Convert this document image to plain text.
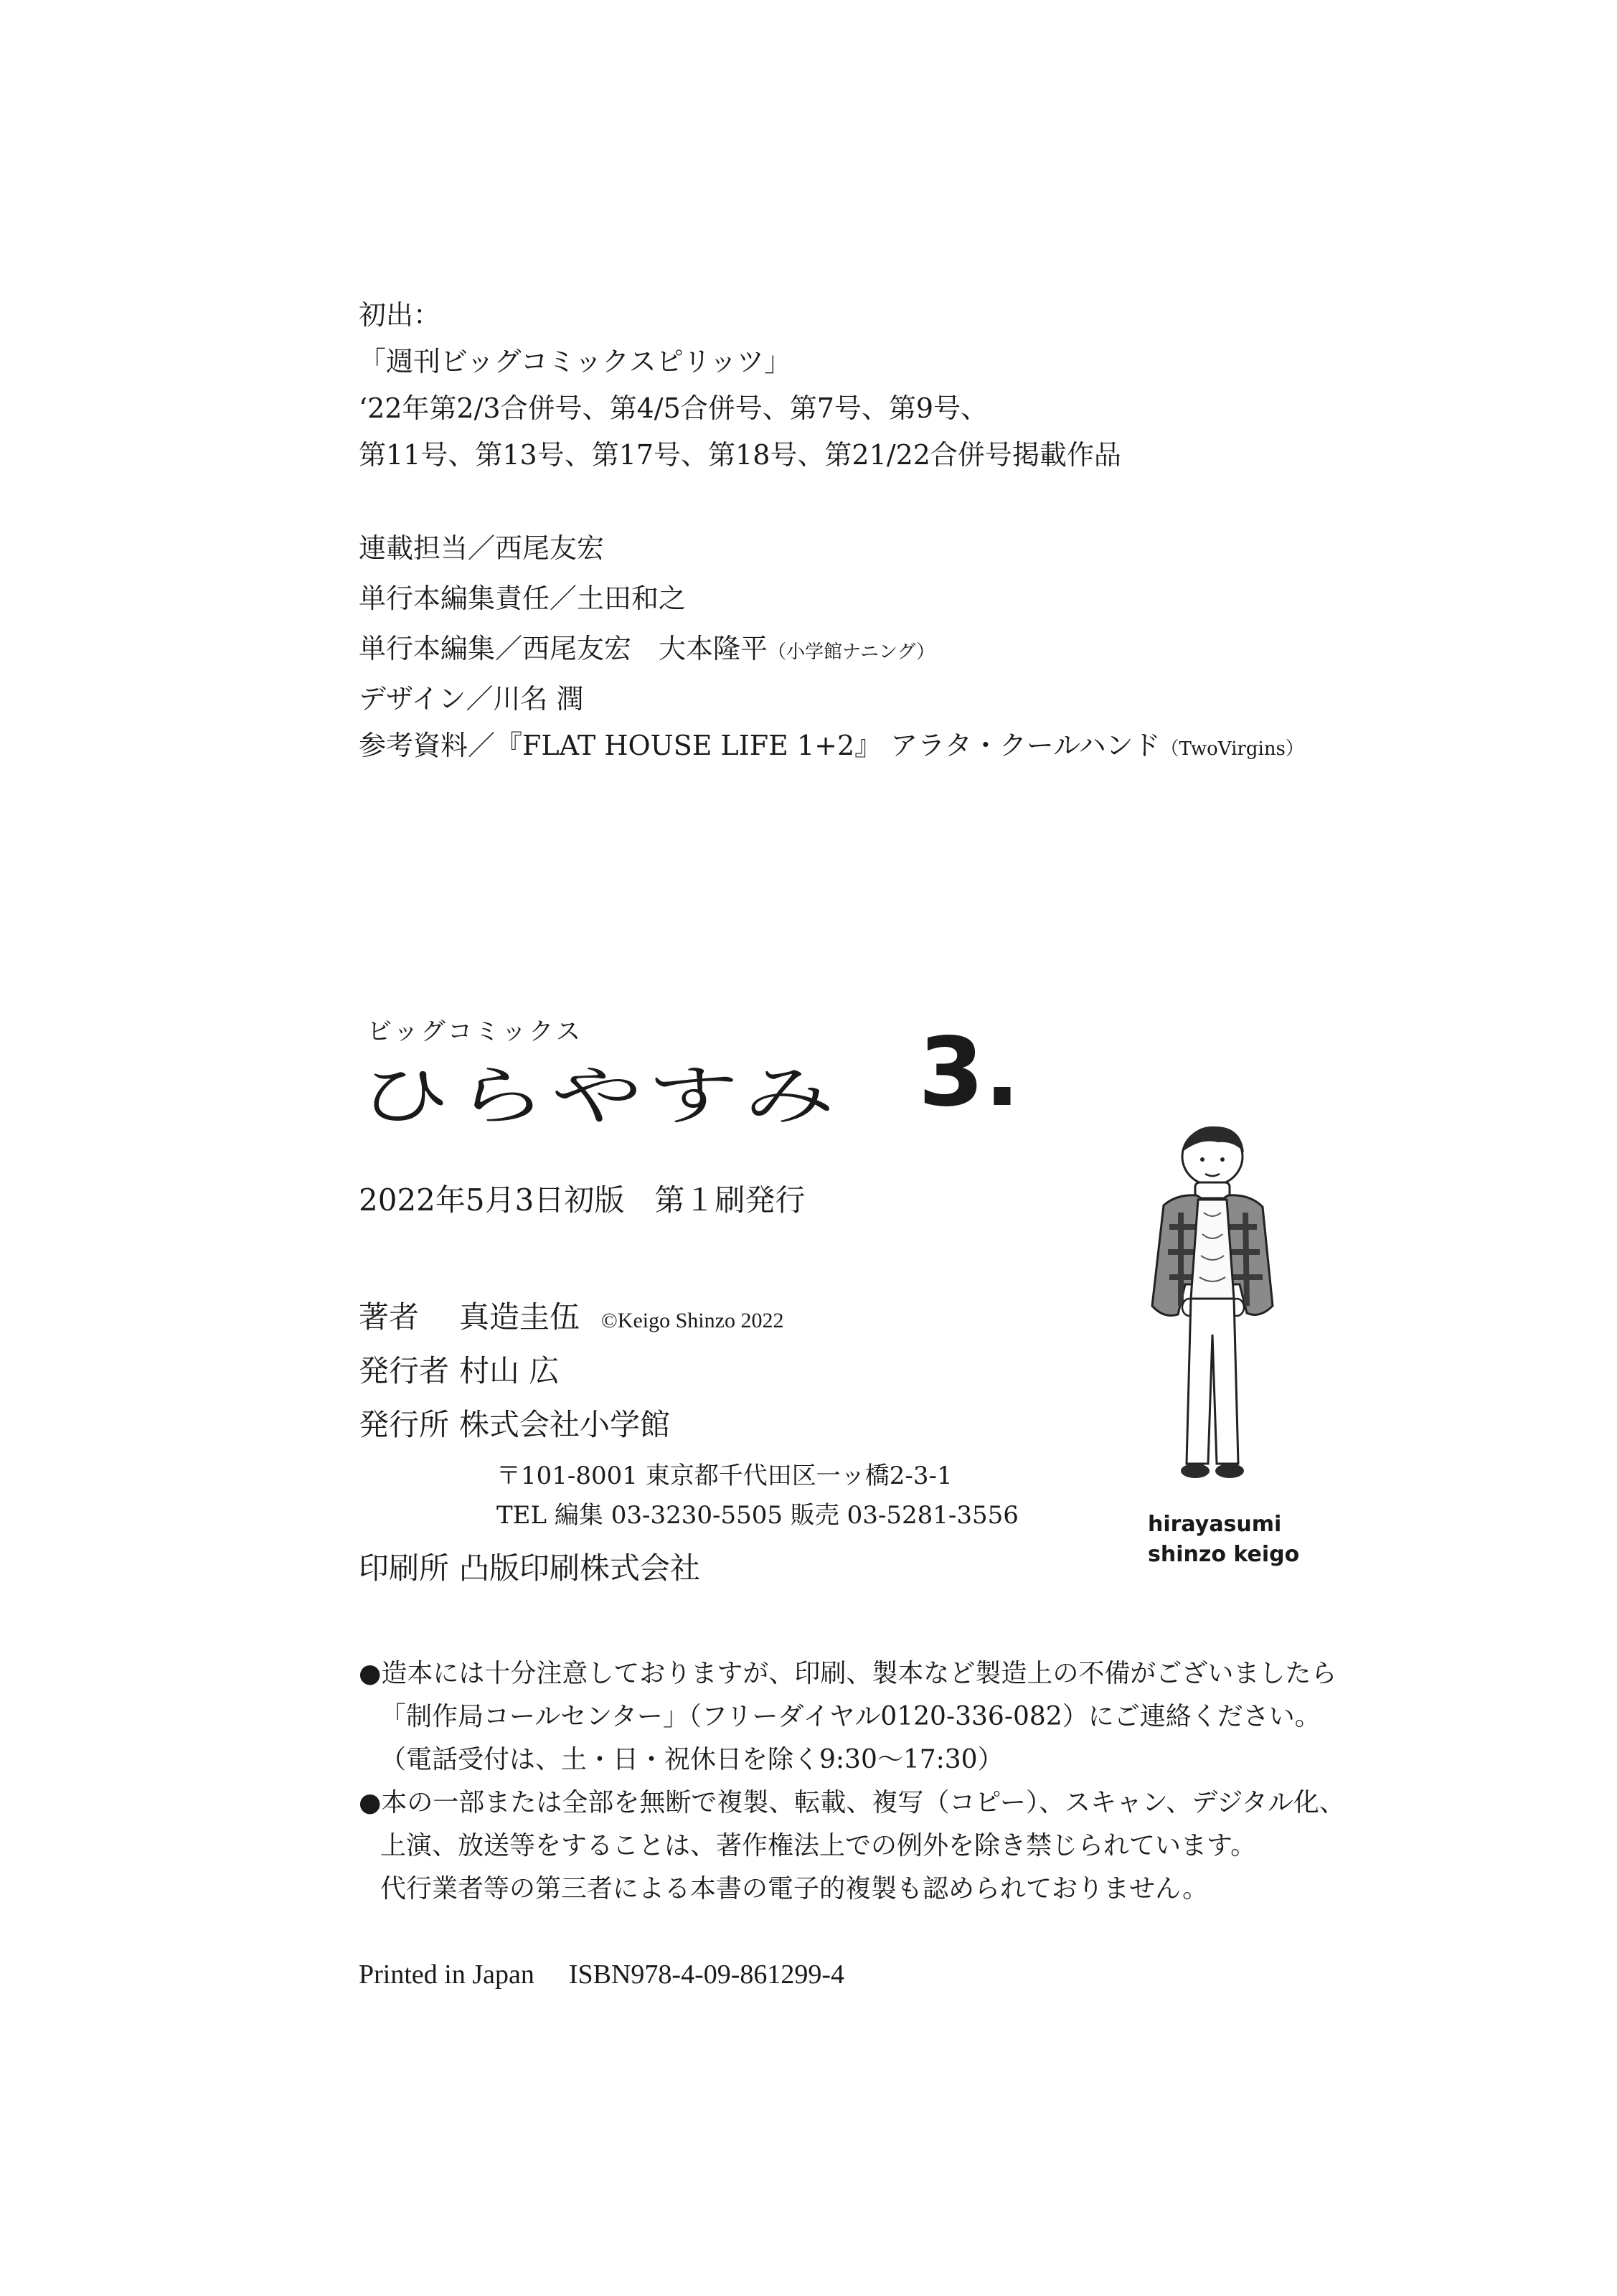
初出：
「週刊ビッグコミックスピリッツ」
‘22年第2/3合併号、第4/5合併号、第7号、第9号、
第11号、第13号、第17号、第18号、第21/22合併号掲載作品
連載担当／西尾友宏
単行本編集責任／土田和之
単行本編集／西尾友宏　大本隆平（小学館ナニング）
デザイン／川名 潤
参考資料／『FLAT HOUSE LIFE 1+2』 アラタ・クールハンド（TwoVirgins）
ビッグコミックス
ひらやすみ 3.
2022年5月3日初版　第１刷発行
著者 真造圭伍 ©Keigo Shinzo 2022
発行者 村山 広
発行所 株式会社小学館
〒101-8001 東京都千代田区一ッ橋2-3-1
TEL 編集 03-3230-5505 販売 03-5281-3556
印刷所 凸版印刷株式会社
●造本には十分注意しておりますが、印刷、製本など製造上の不備がございましたら
「制作局コールセンター」（フリーダイヤル0120-336-082）にご連絡ください。
（電話受付は、土・日・祝休日を除く9:30〜17:30）
●本の一部または全部を無断で複製、転載、複写（コピー）、スキャン、デジタル化、
上演、放送等をすることは、著作権法上での例外を除き禁じられています。
代行業者等の第三者による本書の電子的複製も認められておりません。
Printed in Japan ISBN978-4-09-861299-4
hirayasumi
shinzo keigo
